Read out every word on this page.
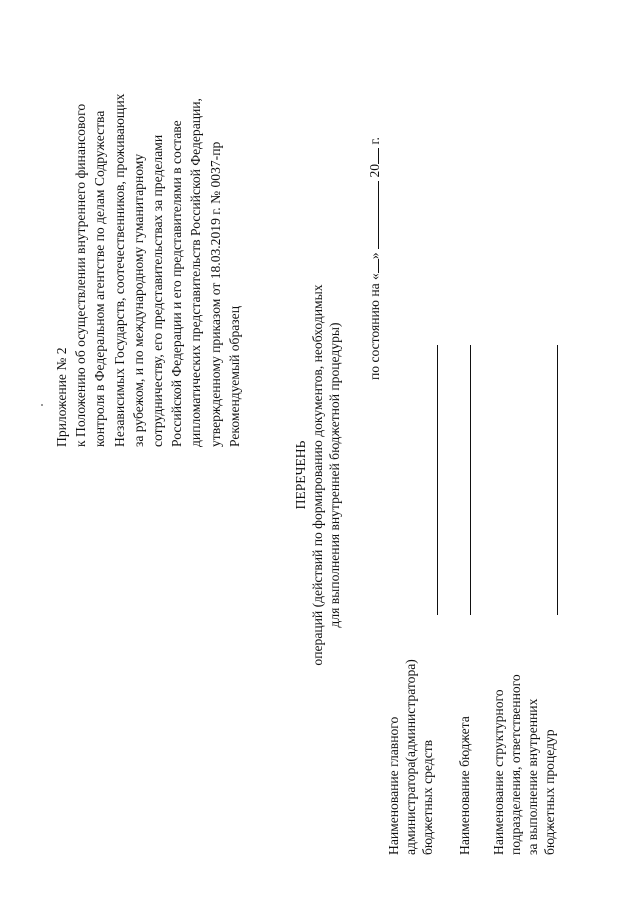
Приложение № 2 к Положению об осуществлении внутреннего финансового контроля в Федеральном агентстве по делам Содружества Независимых Государств, соотечественников, проживающих за рубежом, и по международному гуманитарному сотрудничеству, его представительствах за пределами Российской Федерации и его представителями в составе дипломатических представительств Российской Федерации, утвержденному приказом от 18.03.2019 г. № 0037-пр Рекомендуемый образец
ПЕРЕЧЕНЬ операций (действий по формированию документов, необходимых для выполнения внутренней бюджетной процедуры) по состоянию на «»  20 г.
Наименование главного администратора(администратора) бюджетных средств Наименование бюджета Наименование структурного подразделения, ответственного за выполнение внутренних бюджетных процедур
